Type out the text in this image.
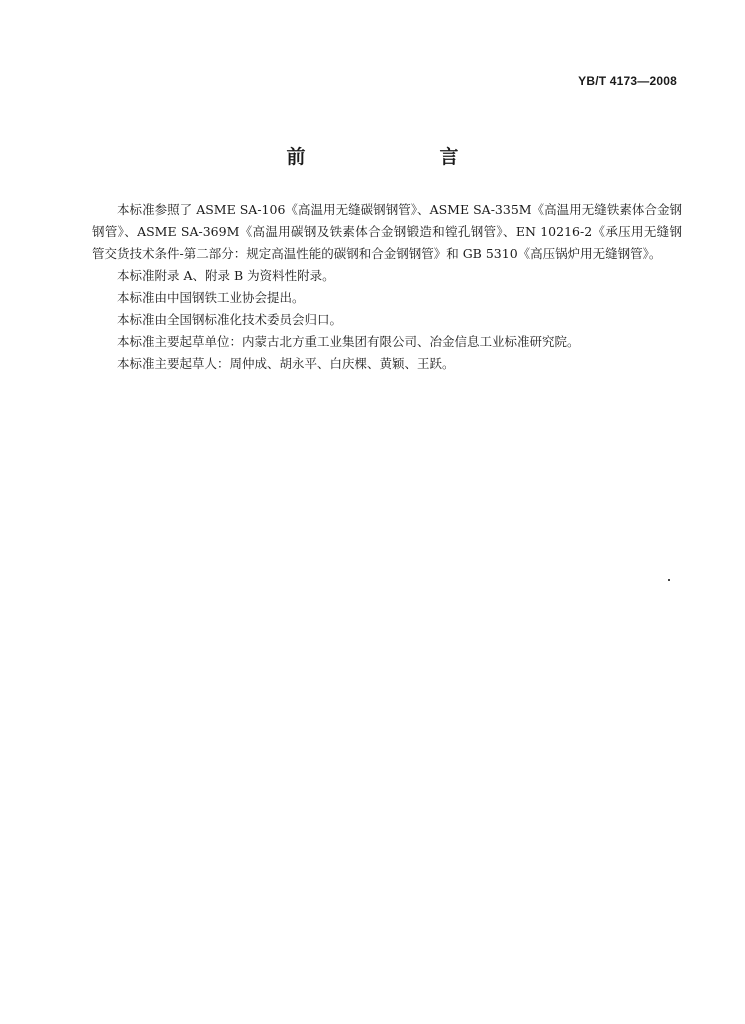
YB/T 4173—2008
前　　言

本标准参照了 ASME SA-106《高温用无缝碳钢钢管》、ASME SA-335M《高温用无缝铁素体合金钢钢管》、ASME SA-369M《高温用碳钢及铁素体合金钢锻造和镗孔钢管》、EN 10216-2《承压用无缝钢管交货技术条件-第二部分：规定高温性能的碳钢和合金钢钢管》和 GB 5310《高压锅炉用无缝钢管》。

本标准附录 A、附录 B 为资料性附录。

本标准由中国钢铁工业协会提出。

本标准由全国钢标准化技术委员会归口。

本标准主要起草单位：内蒙古北方重工业集团有限公司、冶金信息工业标准研究院。

本标准主要起草人：周仲成、胡永平、白庆棵、黄颖、王跃。
